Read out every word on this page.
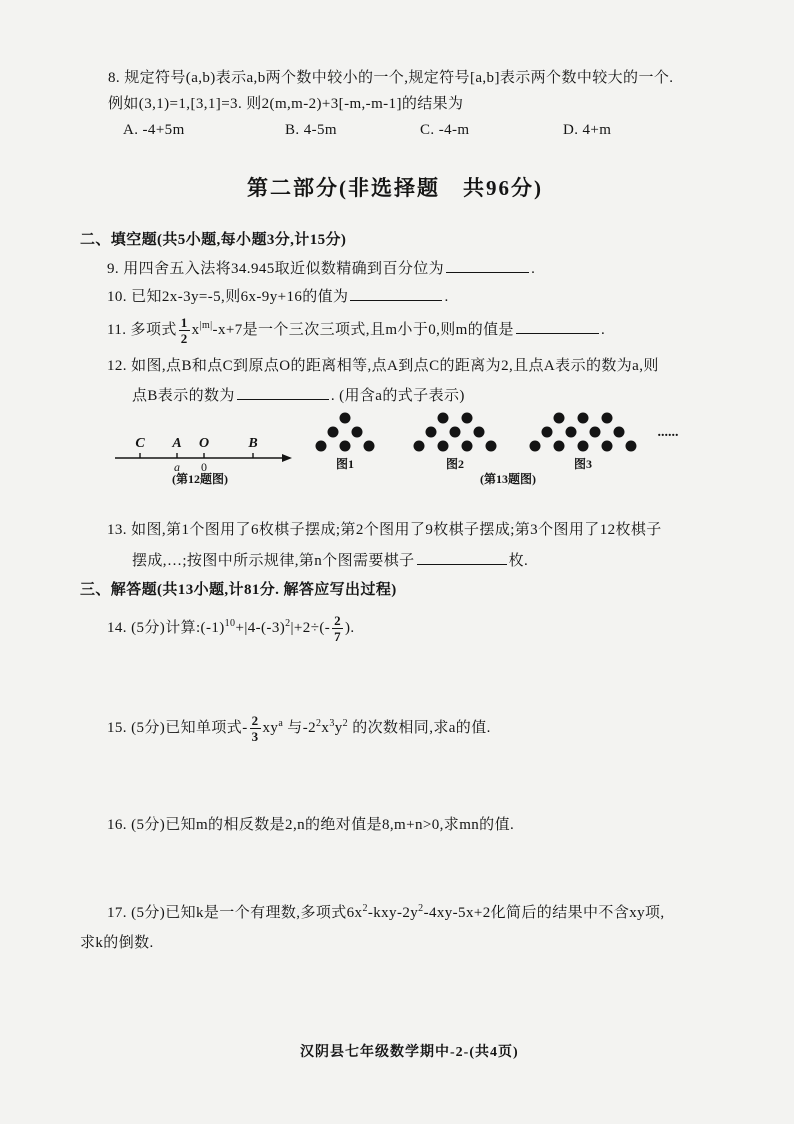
8. 规定符号(a,b)表示a,b两个数中较小的一个,规定符号[a,b]表示两个数中较大的一个.
例如(3,1)=1,[3,1]=3. 则2(m,m-2)+3[-m,-m-1]的结果为
A. -4+5m	B. 4-5m	C. -4-m	D. 4+m
第二部分(非选择题　共96分)
二、填空题(共5小题,每小题3分,计15分)
9. 用四舍五入法将34.945取近似数精确到百分位为	.
10. 已知2x-3y=-5,则6x-9y+16的值为	.
11. 多项式 $\frac{1}{2} x^{|m|}-x+7$是一个三次三项式,且m小于0,则m的值是	.
12. 如图,点B和点C到原点O的距离相等,点A到点C的距离为2,且点A表示的数为a,则
点B表示的数为	. (用含a的式子表示)
C A O	B
a 0
(第12题图)
图1	图2	图3
......
(第13题图)
13. 如图,第1个图用了6枚棋子摆成;第2个图用了9枚棋子摆成;第3个图用了12枚棋子
摆成,…;按图中所示规律,第n个图需要棋子	枚.
三、解答题(共13小题,计81分. 解答应写出过程)
14. (5分)计算$:(-1)^{10}+|4-(-3)^2|+2\div(- \frac{2}{7}$ ).
15. (5分)已知单项式- $\frac{2}{3} xy^a$ 与$-2^2x^3y^2$ 的次数相同,求a的值.
16. (5分)已知m的相反数是2,n的绝对值是8,m+n>0,求mn的值.
17. (5分)已知k是一个有理数,多项式$6x^2-kxy-2y^2-4xy-5x+2$化简后的结果中不含xy项,
求k的倒数.
汉阴县七年级数学期中-2-(共4页)
